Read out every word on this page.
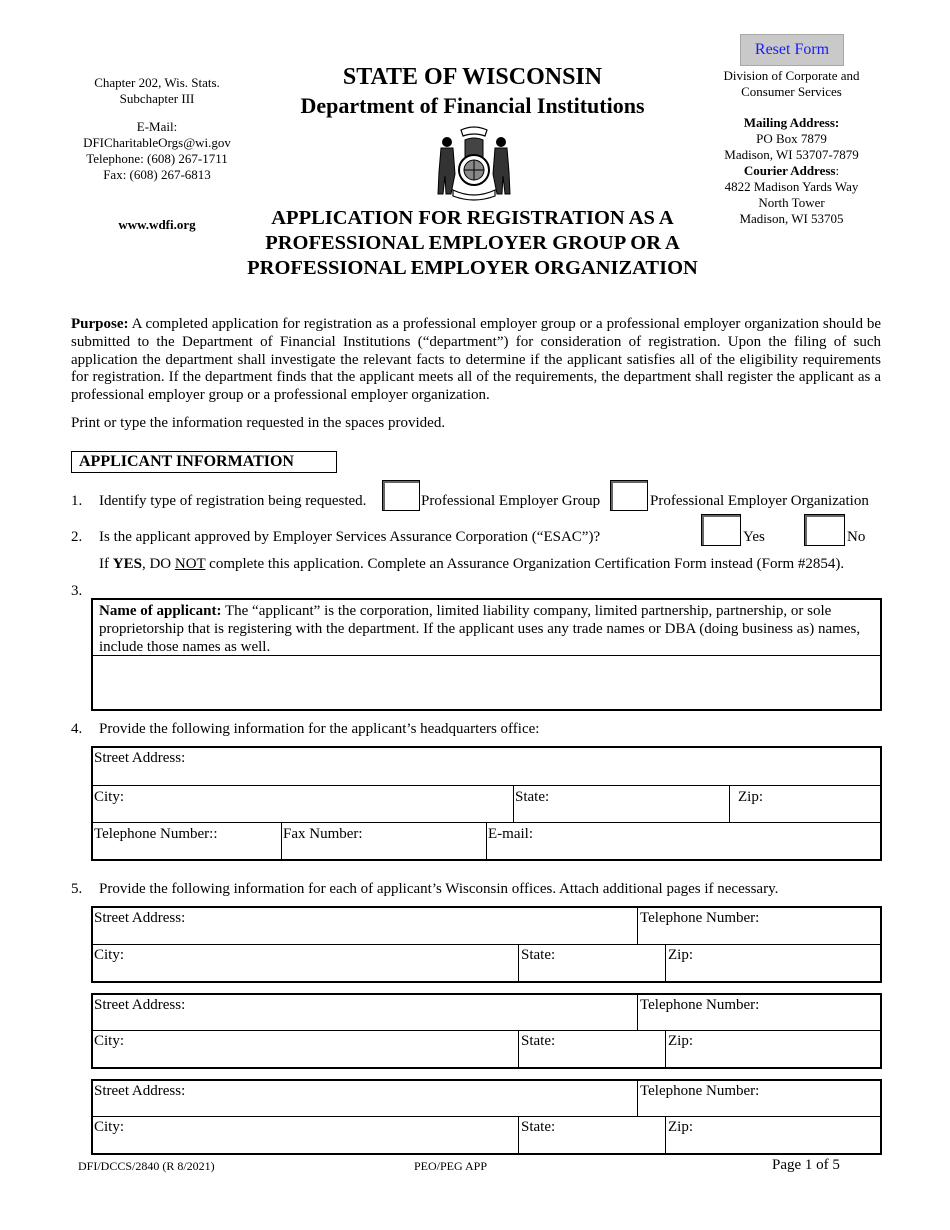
Chapter 202, Wis. Stats.
Subchapter III
E-Mail:
DFICharitableOrgs@wi.gov
Telephone: (608) 267-1711
Fax: (608) 267-6813
www.wdfi.org
STATE OF WISCONSIN
Department of Financial Institutions
APPLICATION FOR REGISTRATION AS A PROFESSIONAL EMPLOYER GROUP OR A PROFESSIONAL EMPLOYER ORGANIZATION
Reset Form
Division of Corporate and
Consumer Services
Mailing Address:
PO Box 7879
Madison, WI 53707-7879
Courier Address:
4822 Madison Yards Way
North Tower
Madison, WI 53705
Purpose: A completed application for registration as a professional employer group or a professional employer organization should be submitted to the Department of Financial Institutions (“department”) for consideration of registration. Upon the filing of such application the department shall investigate the relevant facts to determine if the applicant satisfies all of the eligibility requirements for registration. If the department finds that the applicant meets all of the requirements, the department shall register the applicant as a professional employer group or a professional employer organization.
Print or type the information requested in the spaces provided.
APPLICANT INFORMATION
1. Identify type of registration being requested.	Professional Employer Group	Professional Employer Organization
2. Is the applicant approved by Employer Services Assurance Corporation (“ESAC”)?	Yes	No
If YES, DO NOT complete this application. Complete an Assurance Organization Certification Form instead (Form #2854).
3.
Name of applicant: The “applicant” is the corporation, limited liability company, limited partnership, partnership, or sole proprietorship that is registering with the department. If the applicant uses any trade names or DBA (doing business as) names, include those names as well.
4. Provide the following information for the applicant’s headquarters office:
Street Address:
City:	State:	Zip:
Telephone Number::	Fax Number:	E-mail:
5. Provide the following information for each of applicant’s Wisconsin offices. Attach additional pages if necessary.
Street Address:	Telephone Number:
City:	State:	Zip:
Street Address:	Telephone Number:
City:	State:	Zip:
Street Address:	Telephone Number:
City:	State:	Zip:
DFI/DCCS/2840 (R 8/2021)	PEO/PEG APP	Page 1 of 5
